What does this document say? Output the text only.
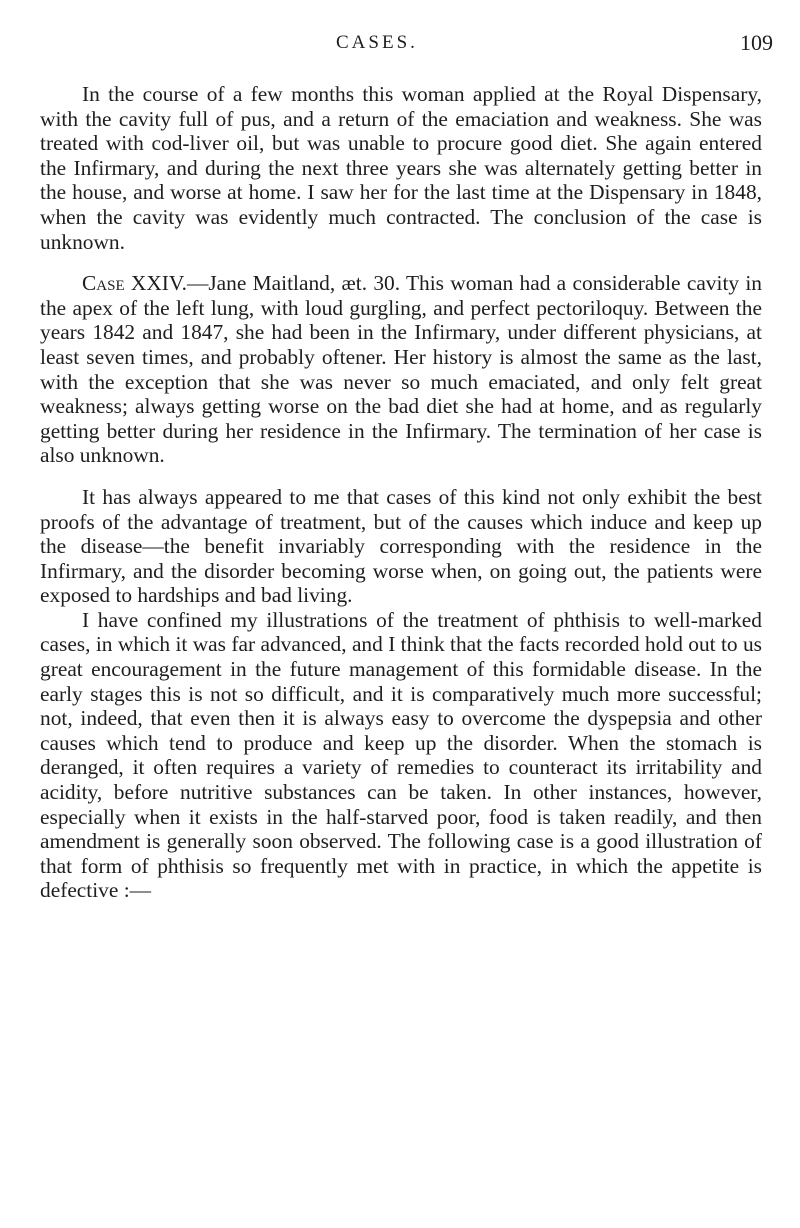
CASES.	109

In the course of a few months this woman applied at the Royal Dispensary, with the cavity full of pus, and a return of the emaciation and weakness. She was treated with cod-liver oil, but was unable to procure good diet. She again entered the Infirmary, and during the next three years she was alternately getting better in the house, and worse at home. I saw her for the last time at the Dispensary in 1848, when the cavity was evidently much contracted. The conclusion of the case is unknown.

Case XXIV.—Jane Maitland, æt. 30. This woman had a considerable cavity in the apex of the left lung, with loud gurgling, and perfect pectoriloquy. Between the years 1842 and 1847, she had been in the Infirmary, under different physicians, at least seven times, and probably oftener. Her history is almost the same as the last, with the exception that she was never so much emaciated, and only felt great weakness; always getting worse on the bad diet she had at home, and as regularly getting better during her residence in the Infirmary. The termination of her case is also unknown.

It has always appeared to me that cases of this kind not only exhibit the best proofs of the advantage of treatment, but of the causes which induce and keep up the disease—the benefit invariably corresponding with the residence in the Infirmary, and the disorder becoming worse when, on going out, the patients were exposed to hardships and bad living.

I have confined my illustrations of the treatment of phthisis to well-marked cases, in which it was far advanced, and I think that the facts recorded hold out to us great encouragement in the future management of this formidable disease. In the early stages this is not so difficult, and it is comparatively much more successful; not, indeed, that even then it is always easy to overcome the dyspepsia and other causes which tend to produce and keep up the disorder. When the stomach is deranged, it often requires a variety of remedies to counteract its irritability and acidity, before nutritive substances can be taken. In other instances, however, especially when it exists in the half-starved poor, food is taken readily, and then amendment is generally soon observed. The following case is a good illustration of that form of phthisis so frequently met with in practice, in which the appetite is defective :—
